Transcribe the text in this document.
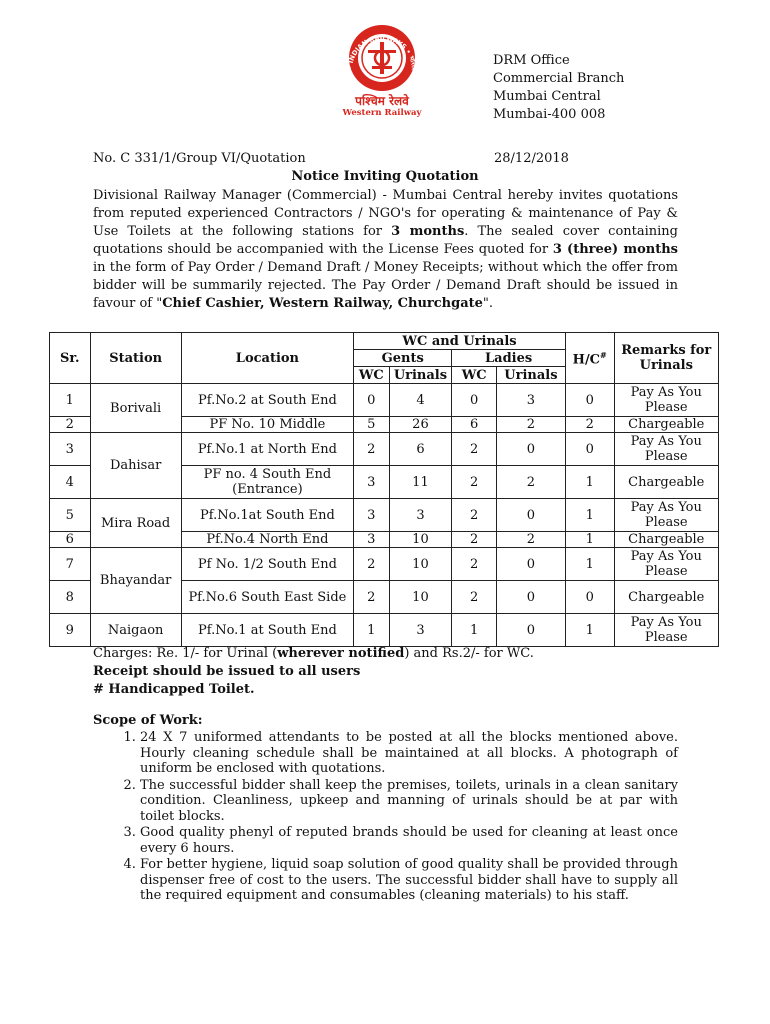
• INDIAN RAILWAYS • भारतीय रेल
पश्चिम रेलवे
Western Railway
DRM Office
Commercial Branch
Mumbai Central
Mumbai-400 008
No. C 331/1/Group VI/Quotation	28/12/2018
Notice Inviting Quotation
Divisional Railway Manager (Commercial) - Mumbai Central hereby invites quotations from reputed experienced Contractors / NGO's for operating & maintenance of Pay & Use Toilets at the following stations for 3 months. The sealed cover containing quotations should be accompanied with the License Fees quoted for 3 (three) months in the form of Pay Order / Demand Draft / Money Receipts; without which the offer from bidder will be summarily rejected. The Pay Order / Demand Draft should be issued in favour of "Chief Cashier, Western Railway, Churchgate".
Sr.	Station	Location	WC and Urinals				H/C#	Remarks for Urinals
			Gents		Ladies			
			WC	Urinals	WC	Urinals		
1	Borivali	Pf.No.2 at South End	0	4	0	3	0	Pay As You Please
2		PF No. 10 Middle	5	26	6	2	2	Chargeable
3	Dahisar	Pf.No.1 at North End	2	6	2	0	0	Pay As You Please
4		PF no. 4 South End (Entrance)	3	11	2	2	1	Chargeable
5	Mira Road	Pf.No.1at South End	3	3	2	0	1	Pay As You Please
6		Pf.No.4 North End	3	10	2	2	1	Chargeable
7	Bhayandar	Pf No. 1/2 South End	2	10	2	0	1	Pay As You Please
8		Pf.No.6 South East Side	2	10	2	0	0	Chargeable
9	Naigaon	Pf.No.1 at South End	1	3	1	0	1	Pay As You Please

Charges: Re. 1/- for Urinal (wherever notified) and Rs.2/- for WC.

Receipt should be issued to all users

# Handicapped Toilet.

Scope of Work:

1. 24 X 7 uniformed attendants to be posted at all the blocks mentioned above. Hourly cleaning schedule shall be maintained at all blocks. A photograph of uniform be enclosed with quotations.
2. The successful bidder shall keep the premises, toilets, urinals in a clean sanitary condition. Cleanliness, upkeep and manning of urinals should be at par with toilet blocks.
3. Good quality phenyl of reputed brands should be used for cleaning at least once every 6 hours.
4. For better hygiene, liquid soap solution of good quality shall be provided through dispenser free of cost to the users. The successful bidder shall have to supply all the required equipment and consumables (cleaning materials) to his staff.
